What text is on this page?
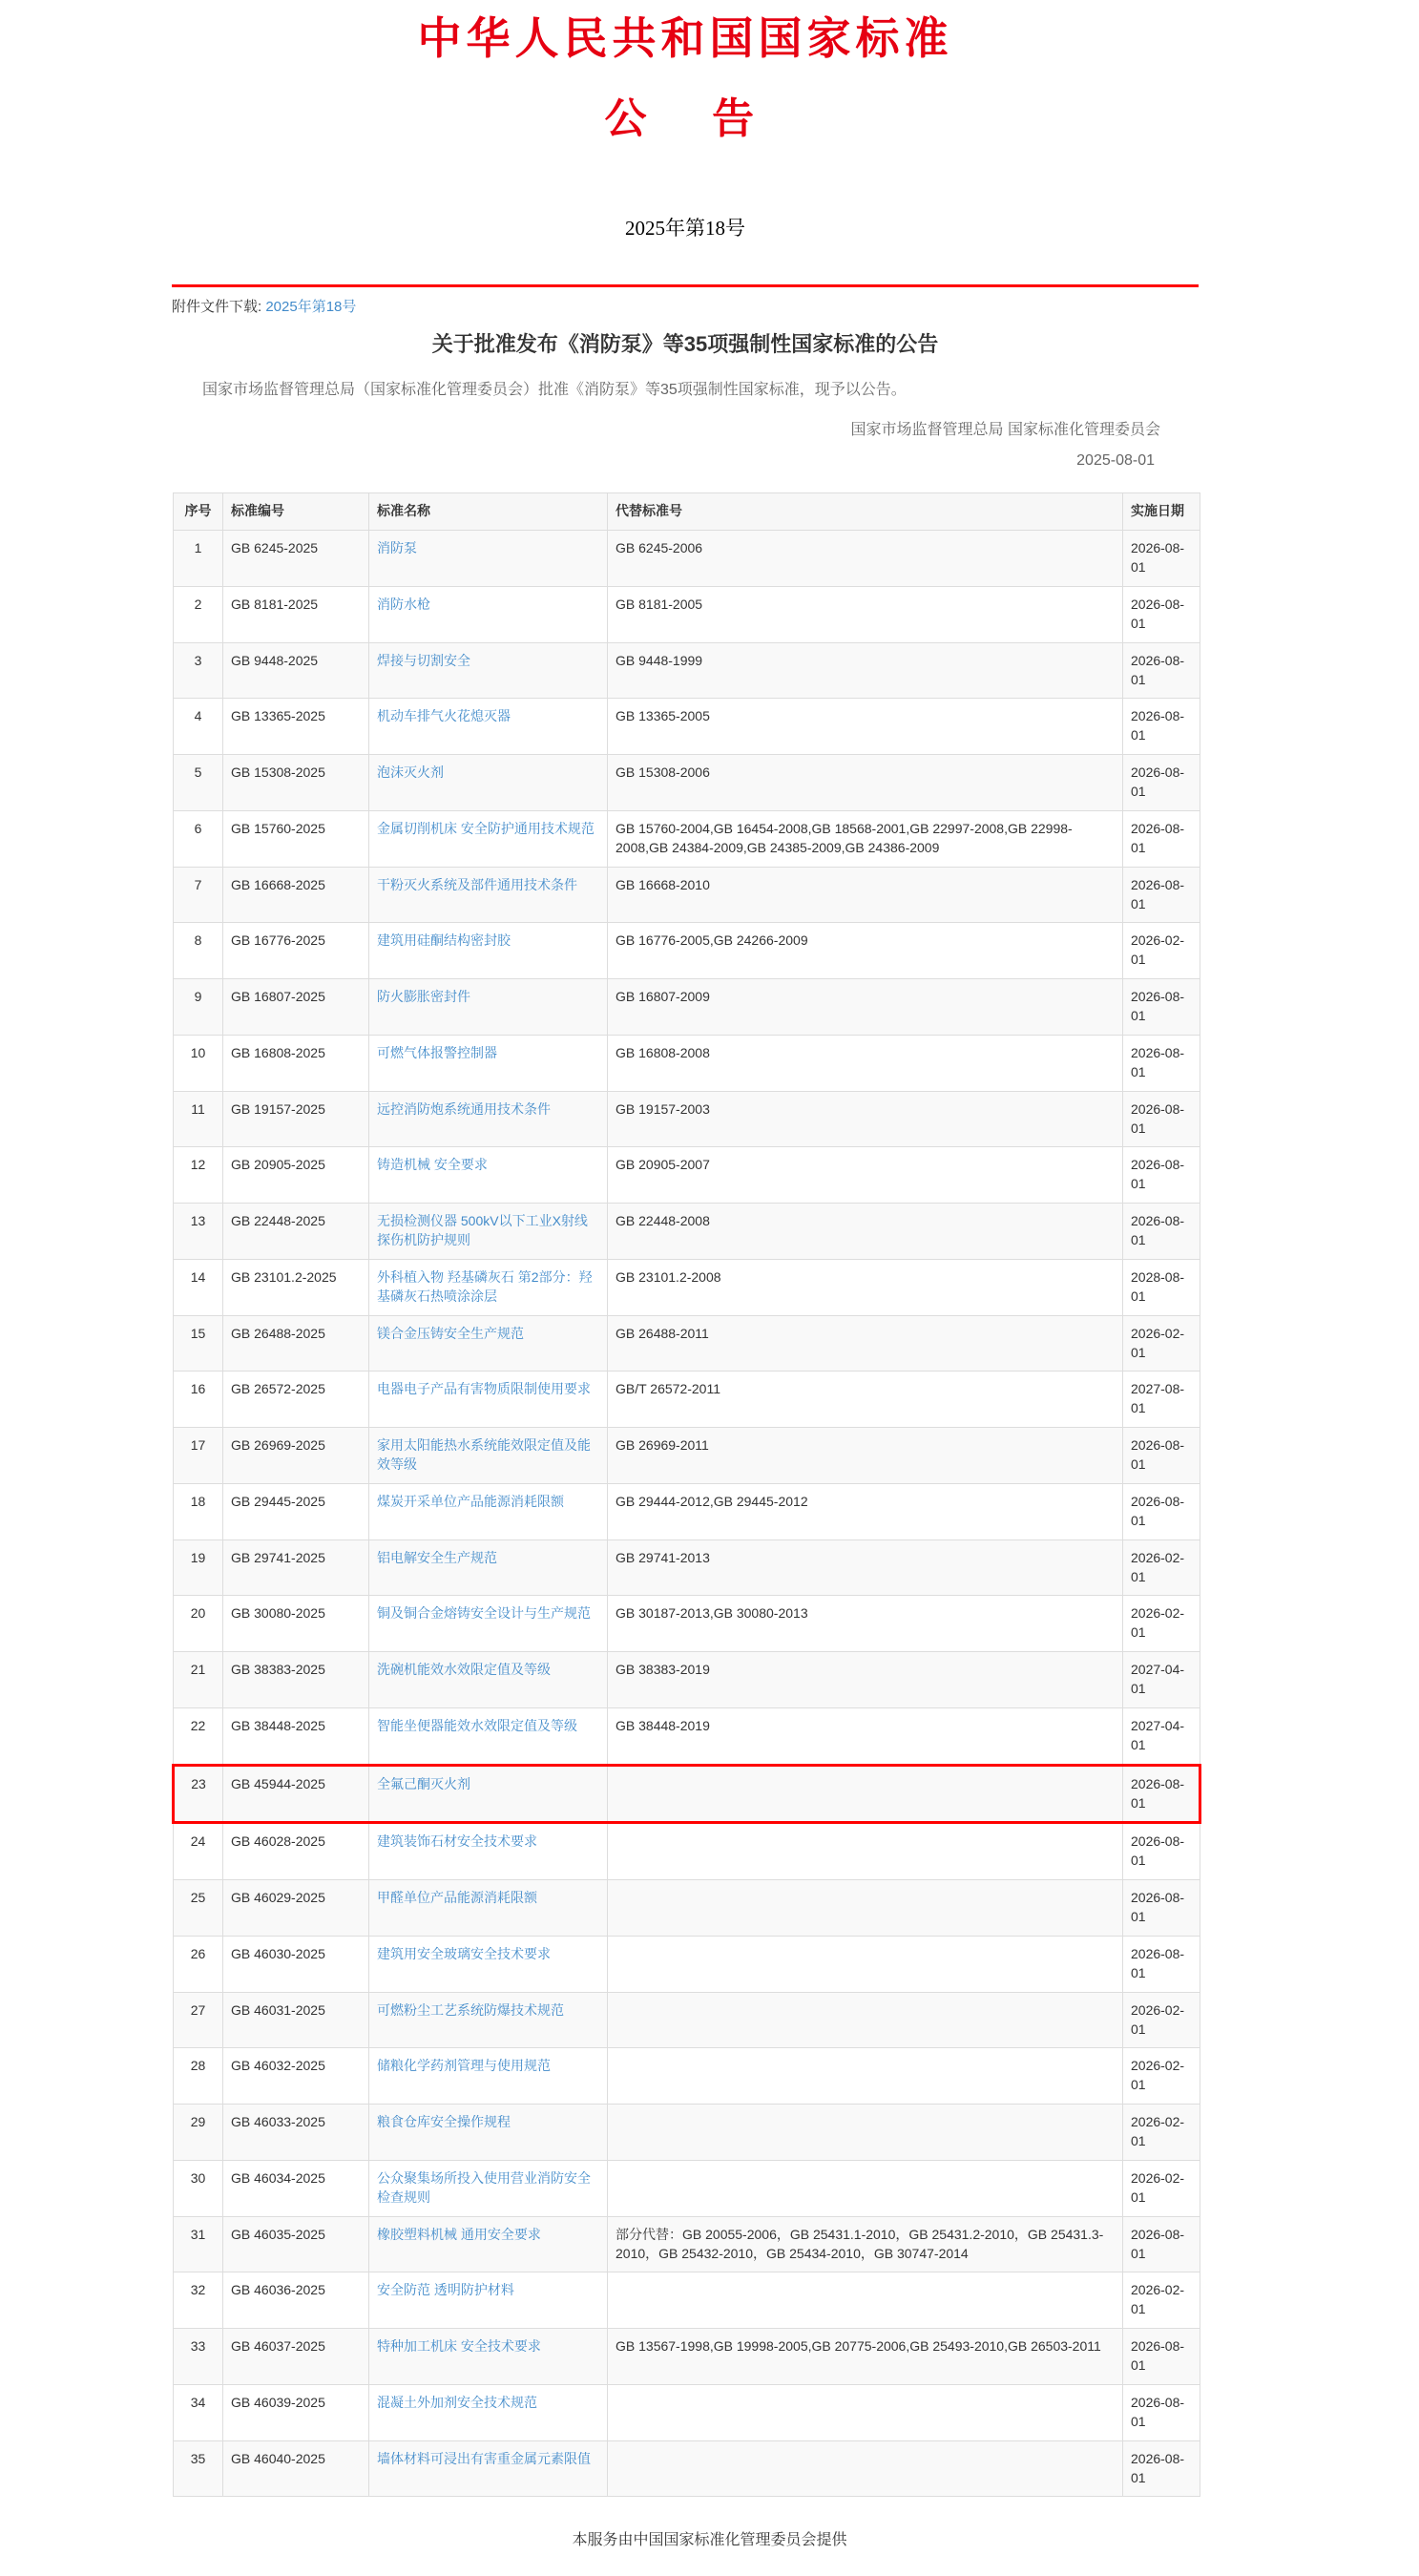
中华人民共和国国家标准
公　告
2025年第18号
附件文件下载: 2025年第18号
关于批准发布《消防泵》等35项强制性国家标准的公告

国家市场监督管理总局（国家标准化管理委员会）批准《消防泵》等35项强制性国家标准，现予以公告。

国家市场监督管理总局 国家标准化管理委员会
2025-08-01
序号	标准编号	标准名称	代替标准号	实施日期
1	GB 6245-2025	消防泵	GB 6245-2006	2026-08-01
2	GB 8181-2025	消防水枪	GB 8181-2005	2026-08-01
3	GB 9448-2025	焊接与切割安全	GB 9448-1999	2026-08-01
4	GB 13365-2025	机动车排气火花熄灭器	GB 13365-2005	2026-08-01
5	GB 15308-2025	泡沫灭火剂	GB 15308-2006	2026-08-01
6	GB 15760-2025	金属切削机床 安全防护通用技术规范	GB 15760-2004,GB 16454-2008,GB 18568-2001,GB 22997-2008,GB 22998-2008,GB 24384-2009,GB 24385-2009,GB 24386-2009	2026-08-01
7	GB 16668-2025	干粉灭火系统及部件通用技术条件	GB 16668-2010	2026-08-01
8	GB 16776-2025	建筑用硅酮结构密封胶	GB 16776-2005,GB 24266-2009	2026-02-01
9	GB 16807-2025	防火膨胀密封件	GB 16807-2009	2026-08-01
10	GB 16808-2025	可燃气体报警控制器	GB 16808-2008	2026-08-01
11	GB 19157-2025	远控消防炮系统通用技术条件	GB 19157-2003	2026-08-01
12	GB 20905-2025	铸造机械 安全要求	GB 20905-2007	2026-08-01
13	GB 22448-2025	无损检测仪器 500kV以下工业X射线探伤机防护规则	GB 22448-2008	2026-08-01
14	GB 23101.2-2025	外科植入物 羟基磷灰石 第2部分：羟基磷灰石热喷涂涂层	GB 23101.2-2008	2028-08-01
15	GB 26488-2025	镁合金压铸安全生产规范	GB 26488-2011	2026-02-01
16	GB 26572-2025	电器电子产品有害物质限制使用要求	GB/T 26572-2011	2027-08-01
17	GB 26969-2025	家用太阳能热水系统能效限定值及能效等级	GB 26969-2011	2026-08-01
18	GB 29445-2025	煤炭开采单位产品能源消耗限额	GB 29444-2012,GB 29445-2012	2026-08-01
19	GB 29741-2025	铝电解安全生产规范	GB 29741-2013	2026-02-01
20	GB 30080-2025	铜及铜合金熔铸安全设计与生产规范	GB 30187-2013,GB 30080-2013	2026-02-01
21	GB 38383-2025	洗碗机能效水效限定值及等级	GB 38383-2019	2027-04-01
22	GB 38448-2025	智能坐便器能效水效限定值及等级	GB 38448-2019	2027-04-01
23	GB 45944-2025	全氟己酮灭火剂		2026-08-01
24	GB 46028-2025	建筑装饰石材安全技术要求		2026-08-01
25	GB 46029-2025	甲醛单位产品能源消耗限额		2026-08-01
26	GB 46030-2025	建筑用安全玻璃安全技术要求		2026-08-01
27	GB 46031-2025	可燃粉尘工艺系统防爆技术规范		2026-02-01
28	GB 46032-2025	储粮化学药剂管理与使用规范		2026-02-01
29	GB 46033-2025	粮食仓库安全操作规程		2026-02-01
30	GB 46034-2025	公众聚集场所投入使用营业消防安全检查规则		2026-02-01
31	GB 46035-2025	橡胶塑料机械 通用安全要求	部分代替：GB 20055-2006，GB 25431.1-2010，GB 25431.2-2010，GB 25431.3-2010，GB 25432-2010，GB 25434-2010，GB 30747-2014	2026-08-01
32	GB 46036-2025	安全防范 透明防护材料		2026-02-01
33	GB 46037-2025	特种加工机床 安全技术要求	GB 13567-1998,GB 19998-2005,GB 20775-2006,GB 25493-2010,GB 26503-2011	2026-08-01
34	GB 46039-2025	混凝土外加剂安全技术规范		2026-08-01
35	GB 46040-2025	墙体材料可浸出有害重金属元素限值		2026-08-01
本服务由中国国家标准化管理委员会提供
